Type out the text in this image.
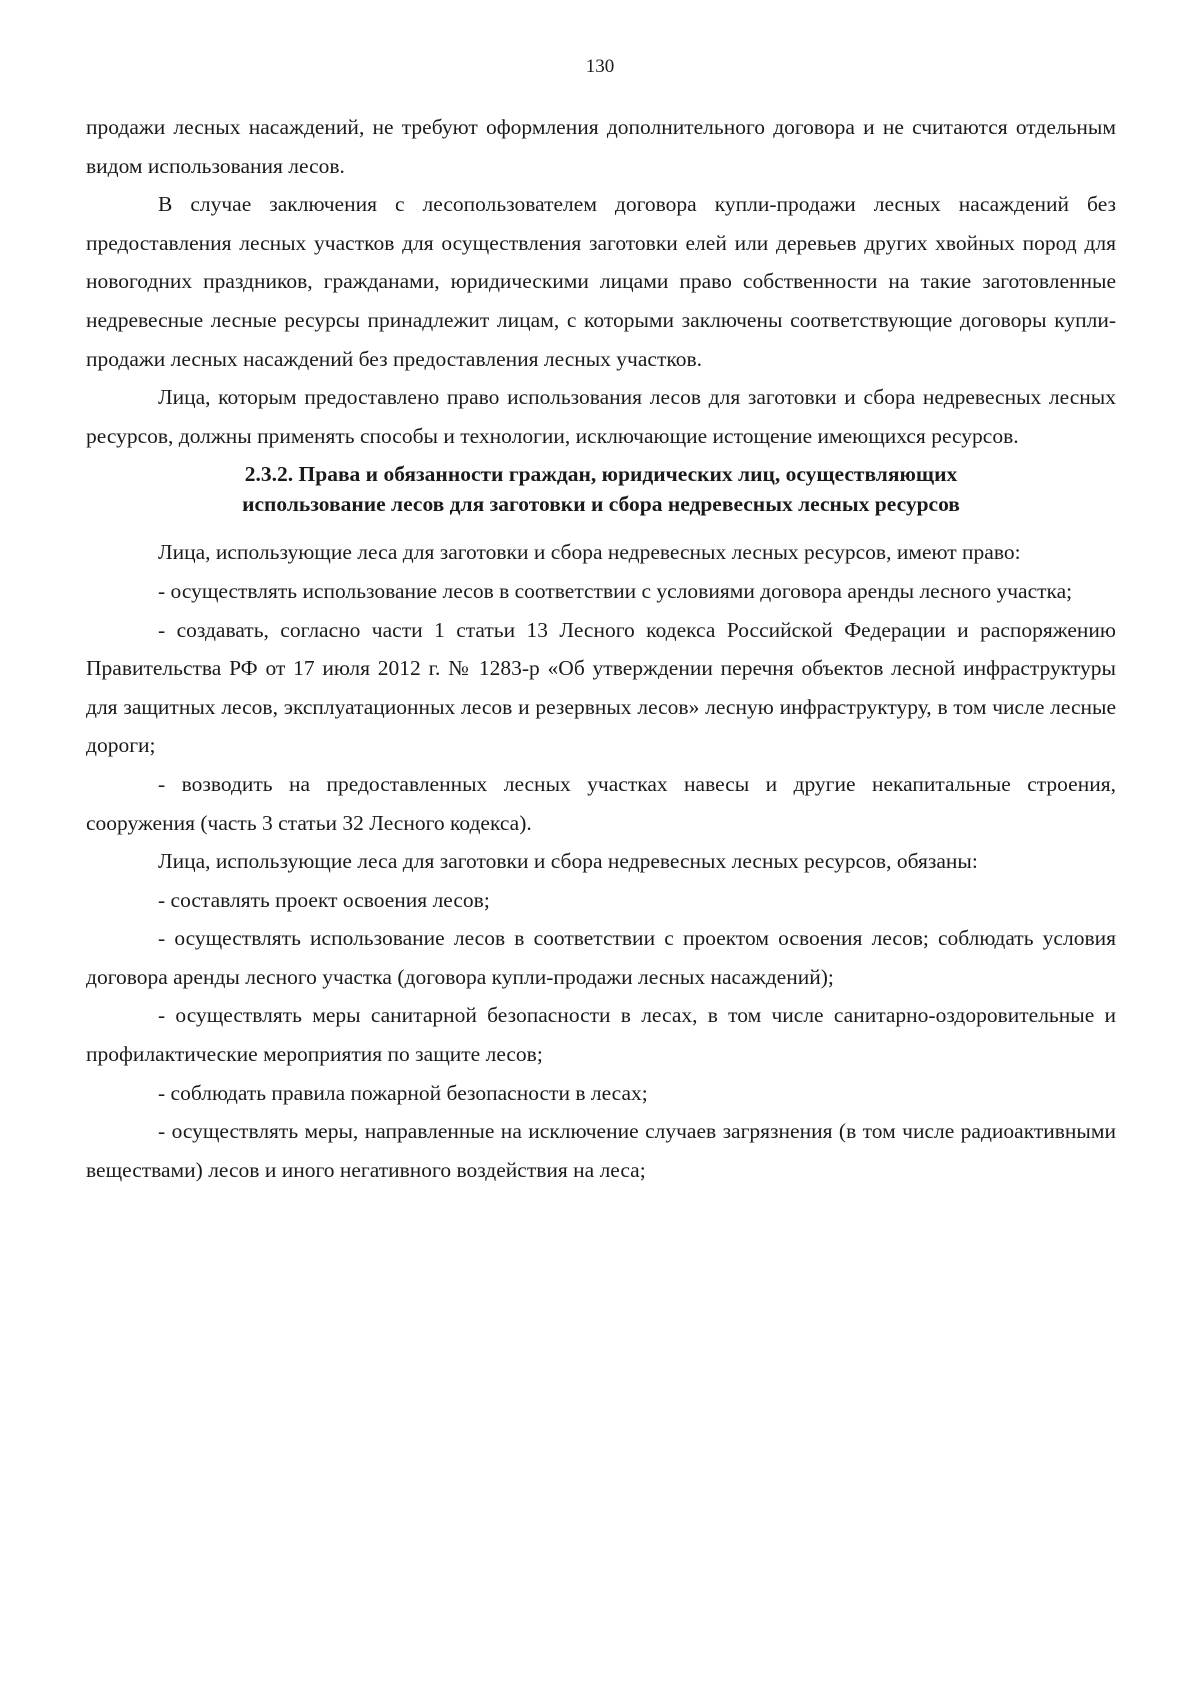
130

продажи лесных насаждений, не требуют оформления дополнительного договора и не считаются отдельным видом использования лесов.

В случае заключения с лесопользователем договора купли-продажи лесных насаждений без предоставления лесных участков для осуществления заготовки елей или деревьев других хвойных пород для новогодних праздников, гражданами, юридическими лицами право собственности на такие заготовленные недревесные лесные ресурсы принадлежит лицам, с которыми заключены соответствующие договоры купли-продажи лесных насаждений без предоставления лесных участков.

Лица, которым предоставлено право использования лесов для заготовки и сбора недревесных лесных ресурсов, должны применять способы и технологии, исключающие истощение имеющихся ресурсов.

2.3.2. Права и обязанности граждан, юридических лиц, осуществляющих
использование лесов для заготовки и сбора недревесных лесных ресурсов

Лица, использующие леса для заготовки и сбора недревесных лесных ресурсов, имеют право:

- осуществлять использование лесов в соответствии с условиями договора аренды лесного участка;

- создавать, согласно части 1 статьи 13 Лесного кодекса Российской Федерации и распоряжению Правительства РФ от 17 июля 2012 г. № 1283-р «Об утверждении перечня объектов лесной инфраструктуры для защитных лесов, эксплуатационных лесов и резервных лесов» лесную инфраструктуру, в том числе лесные дороги;

- возводить на предоставленных лесных участках навесы и другие некапитальные строения, сооружения (часть 3 статьи 32 Лесного кодекса).

Лица, использующие леса для заготовки и сбора недревесных лесных ресурсов, обязаны:

- составлять проект освоения лесов;

- осуществлять использование лесов в соответствии с проектом освоения лесов; соблюдать условия договора аренды лесного участка (договора купли-продажи лесных насаждений);

- осуществлять меры санитарной безопасности в лесах, в том числе санитарно-оздоровительные и профилактические мероприятия по защите лесов;

- соблюдать правила пожарной безопасности в лесах;

- осуществлять меры, направленные на исключение случаев загрязнения (в том числе радиоактивными веществами) лесов и иного негативного воздействия на леса;
